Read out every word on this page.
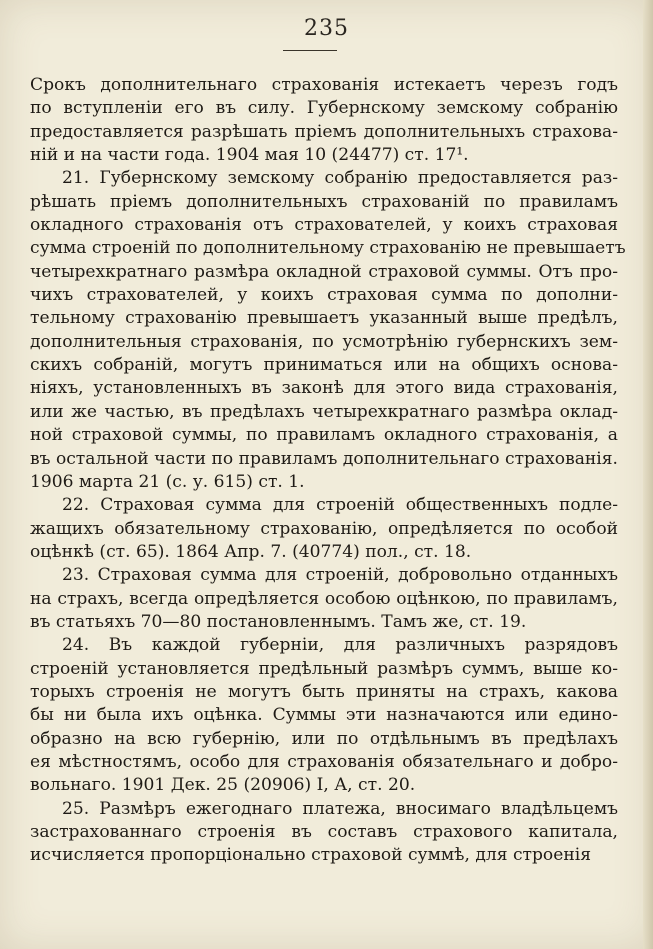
235
Срокъ дополнительнаго страхованія истекаетъ черезъ годъ
по вступленіи его въ силу. Губернскому земскому собранію
предоставляется разрѣшать пріемъ дополнительныхъ страхова-
ній и на части года. 1904 мая 10 (24477) ст. 17¹.
21. Губернскому земскому собранію предоставляется раз-
рѣшать пріемъ дополнительныхъ страхованій по правиламъ
окладного страхованія отъ страхователей, у коихъ страховая
сумма строеній по дополнительному страхованію не превышаетъ
четырехкратнаго размѣра окладной страховой суммы. Отъ про-
чихъ страхователей, у коихъ страховая сумма по дополни-
тельному страхованію превышаетъ указанный выше предѣлъ,
дополнительныя страхованія, по усмотрѣнію губернскихъ зем-
скихъ собраній, могутъ приниматься или на общихъ основа-
ніяхъ, установленныхъ въ законѣ для этого вида страхованія,
или же частью, въ предѣлахъ четырехкратнаго размѣра оклад-
ной страховой суммы, по правиламъ окладного страхованія, а
въ остальной части по правиламъ дополнительнаго страхованія.
1906 марта 21 (с. у. 615) ст. 1.
22. Страховая сумма для строеній общественныхъ подле-
жащихъ обязательному страхованію, опредѣляется по особой
оцѣнкѣ (ст. 65). 1864 Апр. 7. (40774) пол., ст. 18.
23. Страховая сумма для строеній, добровольно отданныхъ
на страхъ, всегда опредѣляется особою оцѣнкою, по правиламъ,
въ статьяхъ 70—80 постановленнымъ. Тамъ же, ст. 19.
24. Въ каждой губерніи, для различныхъ разрядовъ
строеній установляется предѣльный размѣръ суммъ, выше ко-
торыхъ строенія не могутъ быть приняты на страхъ, какова
бы ни была ихъ оцѣнка. Суммы эти назначаются или едино-
образно на всю губернію, или по отдѣльнымъ въ предѣлахъ
ея мѣстностямъ, особо для страхованія обязательнаго и добро-
вольнаго. 1901 Дек. 25 (20906) I, А, ст. 20.
25. Размѣръ ежегоднаго платежа, вносимаго владѣльцемъ
застрахованнаго строенія въ составъ страхового капитала,
исчисляется пропорціонально страховой суммѣ, для строенія
